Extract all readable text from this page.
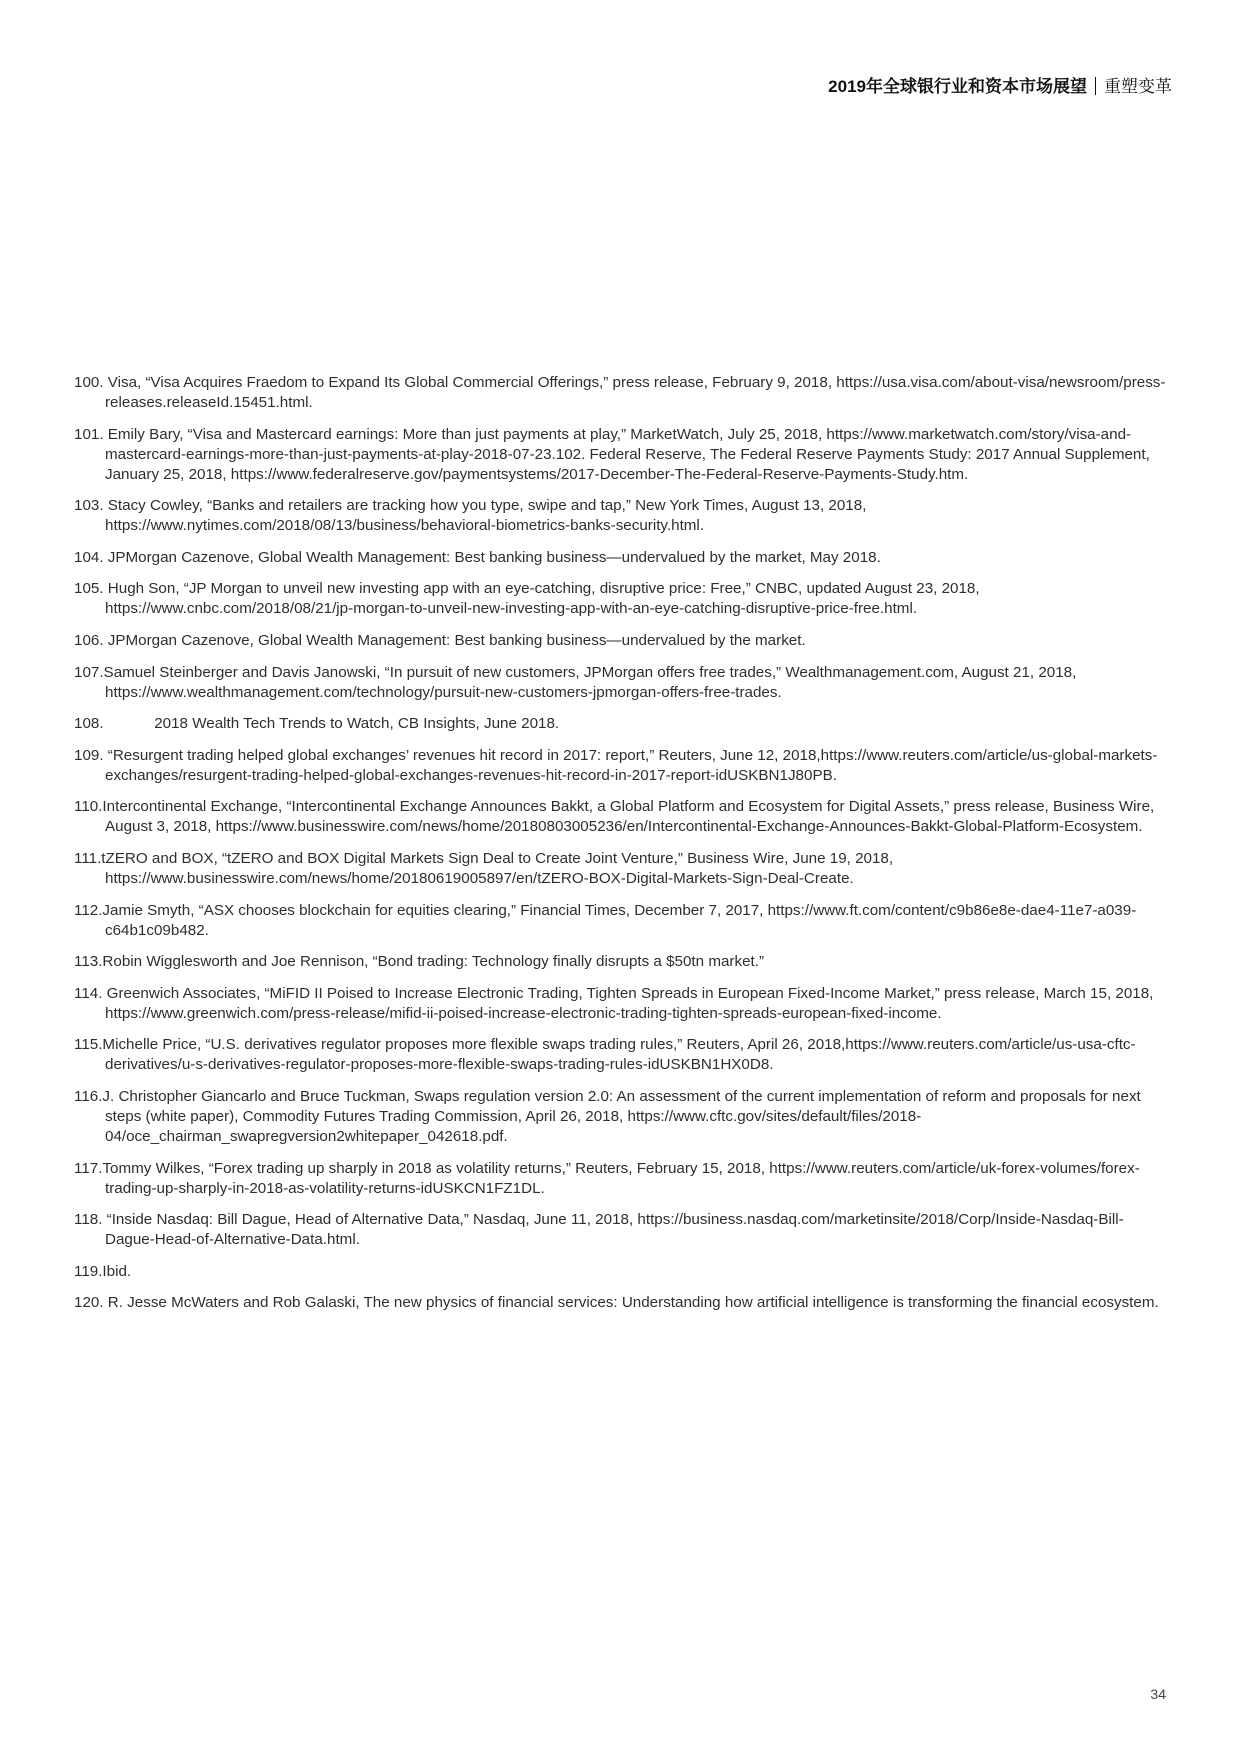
2019年全球银行业和资本市场展望 重塑变革

100. Visa, “Visa Acquires Fraedom to Expand Its Global Commercial Offerings,” press release, February 9, 2018, https://usa.visa.com/about-visa/newsroom/press-releases.releaseId.15451.html.

101. Emily Bary, “Visa and Mastercard earnings: More than just payments at play,” MarketWatch, July 25, 2018, https://www.marketwatch.com/story/visa-and-mastercard-earnings-more-than-just-payments-at-play-2018-07-23.102. Federal Reserve, The Federal Reserve Payments Study: 2017 Annual Supplement, January 25, 2018, https://www.federalreserve.gov/paymentsystems/2017-December-The-Federal-Reserve-Payments-Study.htm.

103. Stacy Cowley, “Banks and retailers are tracking how you type, swipe and tap,” New York Times, August 13, 2018, https://www.nytimes.com/2018/08/13/business/behavioral-biometrics-banks-security.html.

104. JPMorgan Cazenove, Global Wealth Management: Best banking business—undervalued by the market, May 2018.

105. Hugh Son, “JP Morgan to unveil new investing app with an eye-catching, disruptive price: Free,” CNBC, updated August 23, 2018, https://www.cnbc.com/2018/08/21/jp-morgan-to-unveil-new-investing-app-with-an-eye-catching-disruptive-price-free.html.

106. JPMorgan Cazenove, Global Wealth Management: Best banking business—undervalued by the market.

107.Samuel Steinberger and Davis Janowski, “In pursuit of new customers, JPMorgan offers free trades,” Wealthmanagement.com, August 21, 2018, https://www.wealthmanagement.com/technology/pursuit-new-customers-jpmorgan-offers-free-trades.

108.            2018 Wealth Tech Trends to Watch, CB Insights, June 2018.

109. “Resurgent trading helped global exchanges’ revenues hit record in 2017: report,” Reuters, June 12, 2018,https://www.reuters.com/article/us-global-markets-exchanges/resurgent-trading-helped-global-exchanges-revenues-hit-record-in-2017-report-idUSKBN1J80PB.

110.Intercontinental Exchange, “Intercontinental Exchange Announces Bakkt, a Global Platform and Ecosystem for Digital Assets,” press release, Business Wire, August 3, 2018, https://www.businesswire.com/news/home/20180803005236/en/Intercontinental-Exchange-Announces-Bakkt-Global-Platform-Ecosystem.

111.tZERO and BOX, “tZERO and BOX Digital Markets Sign Deal to Create Joint Venture,” Business Wire, June 19, 2018, https://www.businesswire.com/news/home/20180619005897/en/tZERO-BOX-Digital-Markets-Sign-Deal-Create.

112.Jamie Smyth, “ASX chooses blockchain for equities clearing,” Financial Times, December 7, 2017, https://www.ft.com/content/c9b86e8e-dae4-11e7-a039-c64b1c09b482.

113.Robin Wigglesworth and Joe Rennison, “Bond trading: Technology finally disrupts a $50tn market.”

114. Greenwich Associates, “MiFID II Poised to Increase Electronic Trading, Tighten Spreads in European Fixed-Income Market,” press release, March 15, 2018, https://www.greenwich.com/press-release/mifid-ii-poised-increase-electronic-trading-tighten-spreads-european-fixed-income.

115.Michelle Price, “U.S. derivatives regulator proposes more flexible swaps trading rules,” Reuters, April 26, 2018,https://www.reuters.com/article/us-usa-cftc-derivatives/u-s-derivatives-regulator-proposes-more-flexible-swaps-trading-rules-idUSKBN1HX0D8.

116.J. Christopher Giancarlo and Bruce Tuckman, Swaps regulation version 2.0: An assessment of the current implementation of reform and proposals for next steps (white paper), Commodity Futures Trading Commission, April 26, 2018, https://www.cftc.gov/sites/default/files/2018-04/oce_chairman_swapregversion2whitepaper_042618.pdf.

117.Tommy Wilkes, “Forex trading up sharply in 2018 as volatility returns,” Reuters, February 15, 2018, https://www.reuters.com/article/uk-forex-volumes/forex-trading-up-sharply-in-2018-as-volatility-returns-idUSKCN1FZ1DL.

118. “Inside Nasdaq: Bill Dague, Head of Alternative Data,” Nasdaq, June 11, 2018, https://business.nasdaq.com/marketinsite/2018/Corp/Inside-Nasdaq-Bill-Dague-Head-of-Alternative-Data.html.

119.Ibid.

120. R. Jesse McWaters and Rob Galaski, The new physics of financial services: Understanding how artificial intelligence is transforming the financial ecosystem.

34
